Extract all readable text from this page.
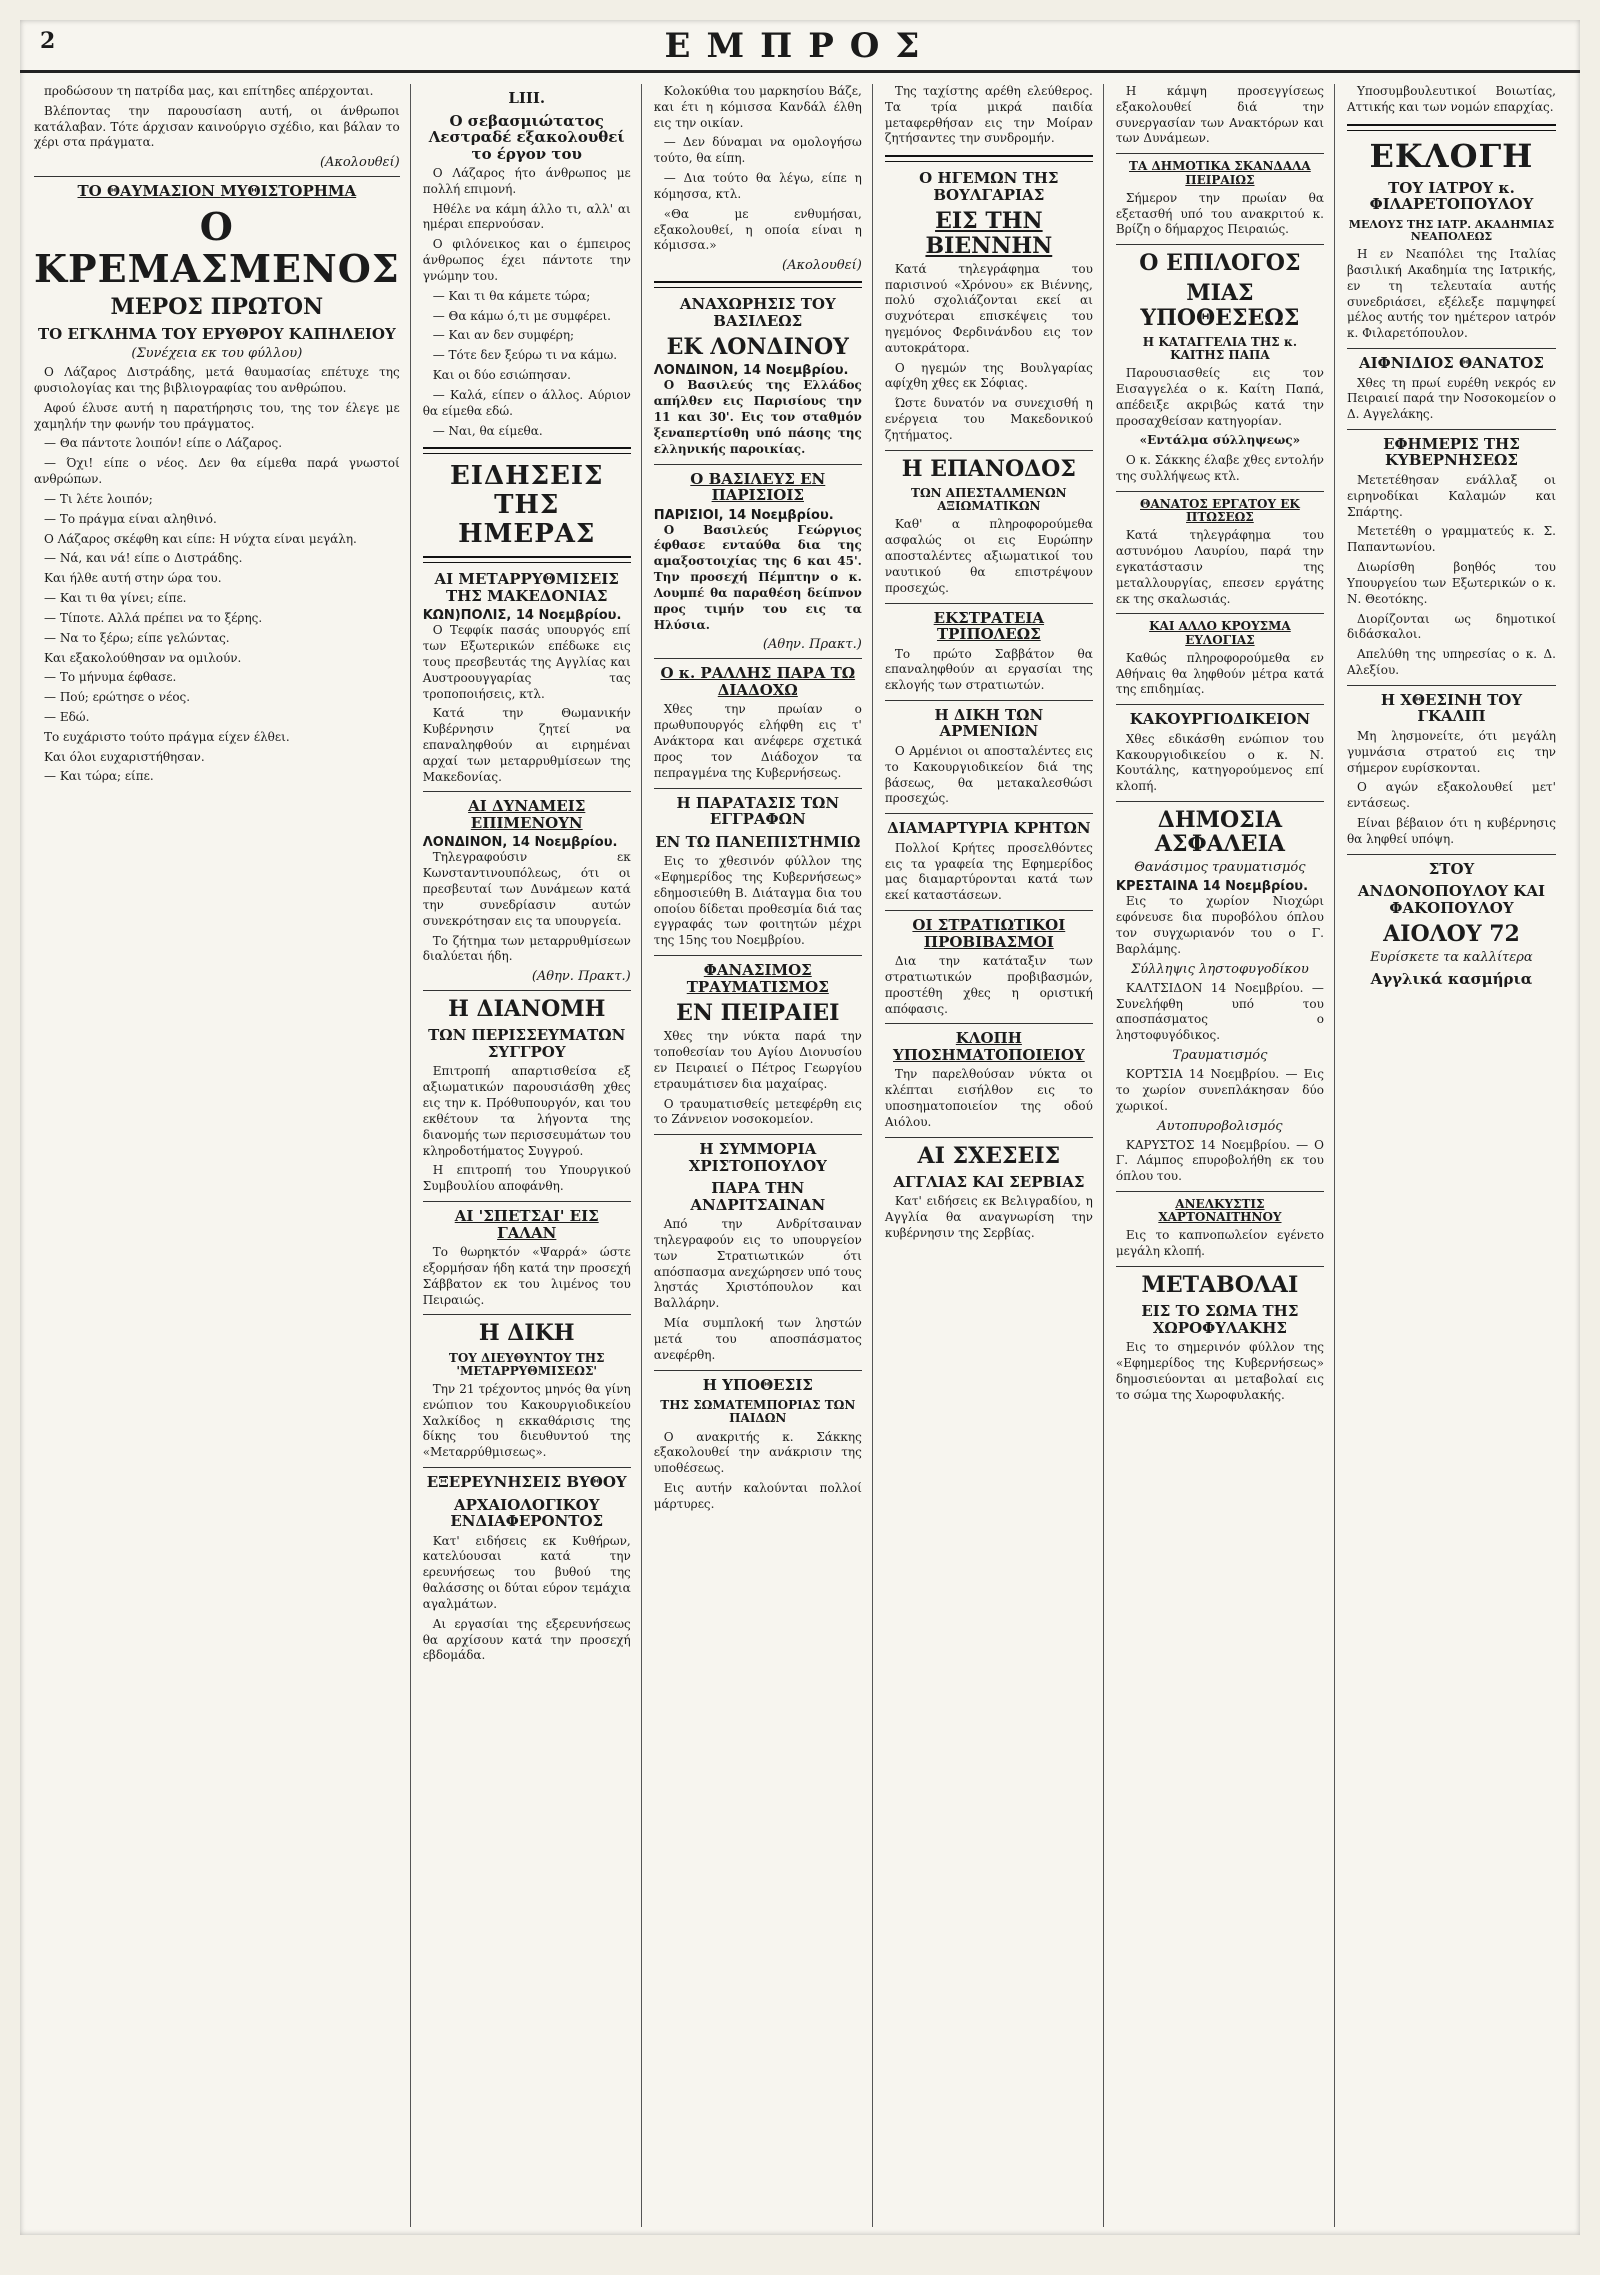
2	ΕΜΠΡΟΣ

προδώσουν τη πατρίδα μας, και επίτηδες απέρχονται.

Βλέποντας την παρουσίαση αυτή, οι άνθρωποι κατάλαβαν. Τότε άρχισαν καινούργιο σχέδιο, και βάλαν το χέρι στα πράγματα.

(Ακολουθεί)
ΤΟ ΘΑΥΜΑΣΙΟΝ ΜΥΘΙΣΤΟΡΗΜΑ
Ο ΚΡΕΜΑΣΜΕΝΟΣ
ΜΕΡΟΣ ΠΡΩΤΟΝ
ΤΟ ΕΓΚΛΗΜΑ ΤΟΥ ΕΡΥΘΡΟΥ ΚΑΠΗΛΕΙΟΥ
(Συνέχεια εκ του φύλλου)

Ο Λάζαρος Διστράδης, μετά θαυμασίας επέτυχε της φυσιολογίας και της βιβλιογραφίας του ανθρώπου.

Αφού έλυσε αυτή η παρατήρησις του, της τον έλεγε με χαμηλήν την φωνήν του πράγματος.

— Θα πάντοτε λοιπόν! είπε ο Λάζαρος.

— Όχι! είπε ο νέος. Δεν θα είμεθα παρά γνωστοί ανθρώπων.

— Τι λέτε λοιπόν;

— Το πράγμα είναι αληθινό.

Ο Λάζαρος σκέφθη και είπε: Η νύχτα είναι μεγάλη.

— Νά, και νά! είπε ο Διστράδης.

Και ήλθε αυτή στην ώρα του.

— Και τι θα γίνει; είπε.

— Τίποτε. Αλλά πρέπει να το ξέρης.

— Να το ξέρω; είπε γελώντας.

Και εξακολούθησαν να ομιλούν.

— Το μήνυμα έφθασε.

— Πού; ερώτησε ο νέος.

— Εδώ.

Το ευχάριστο τούτο πράγμα είχεν έλθει.

Και όλοι ευχαριστήθησαν.

— Και τώρα; είπε.

LIII.
Ο σεβασμιώτατος Λεστραδέ εξακολουθεί το έργον του

Ο Λάζαρος ήτο άνθρωπος με πολλή επιμονή.

Ηθέλε να κάμη άλλο τι, αλλ' αι ημέραι επερνούσαν.

Ο φιλόνεικος και ο έμπειρος άνθρωπος έχει πάντοτε την γνώμην του.

— Και τι θα κάμετε τώρα;

— Θα κάμω ό,τι με συμφέρει.

— Και αν δεν συμφέρη;

— Τότε δεν ξεύρω τι να κάμω.

Και οι δύο εσιώπησαν.

— Καλά, είπεν ο άλλος. Αύριον θα είμεθα εδώ.

— Ναι, θα είμεθα.

ΕΙΔΗΣΕΙΣ ΤΗΣ ΗΜΕΡΑΣ
ΑΙ ΜΕΤΑΡΡΥΘΜΙΣΕΙΣ ΤΗΣ ΜΑΚΕΔΟΝΙΑΣ
ΚΩΝ)ΠΟΛΙΣ, 14 Νοεμβρίου.

Ο Τεφφίκ πασάς υπουργός επί των Εξωτερικών επέδωκε εις τους πρεσβευτάς της Αγγλίας και Αυστροουγγαρίας τας τροποποιήσεις, κτλ.

Κατά την Θωμανικήν Κυβέρνησιν ζητεί να επαναληφθούν αι ειρημέναι αρχαί των μεταρρυθμίσεων της Μακεδονίας.

ΑΙ ΔΥΝΑΜΕΙΣ ΕΠΙΜΕΝΟΥΝ
ΛΟΝΔΙΝΟΝ, 14 Νοεμβρίου.

Τηλεγραφούσιν εκ Κωνσταντινουπόλεως, ότι οι πρεσβευταί των Δυνάμεων κατά την συνεδρίασιν αυτών συνεκρότησαν εις τα υπουργεία.

Το ζήτημα των μεταρρυθμίσεων διαλύεται ήδη.

(Αθην. Πρακτ.)
Η ΔΙΑΝΟΜΗ
ΤΩΝ ΠΕΡΙΣΣΕΥΜΑΤΩΝ ΣΥΓΓΡΟΥ

Επιτροπή απαρτισθείσα εξ αξιωματικών παρουσιάσθη χθες εις την κ. Πρόθυπουργόν, και του εκθέτουν τα λήγοντα της διανομής των περισσευμάτων του κληροδοτήματος Συγγρού.

Η επιτροπή του Υπουργικού Συμβουλίου αποφάνθη.

ΑΙ 'ΣΠΕΤΣΑΙ' ΕΙΣ ΓΑΛΑΝ

Το θωρηκτόν «Ψαρρά» ώστε εξορμήσαν ήδη κατά την προσεχή Σάββατον εκ του λιμένος του Πειραιώς.

Η ΔΙΚΗ
ΤΟΥ ΔΙΕΥΘΥΝΤΟΥ ΤΗΣ 'ΜΕΤΑΡΡΥΘΜΙΣΕΩΣ'

Την 21 τρέχοντος μηνός θα γίνη ενώπιον του Κακουργιοδικείου Χαλκίδος η εκκαθάρισις της δίκης του διευθυντού της «Μεταρρύθμισεως».

ΕΞΕΡΕΥΝΗΣΕΙΣ ΒΥΘΟΥ
ΑΡΧΑΙΟΛΟΓΙΚΟΥ ΕΝΔΙΑΦΕΡΟΝΤΟΣ

Κατ' ειδήσεις εκ Κυθήρων, κατελύουσαι κατά την ερευνήσεως του βυθού της θαλάσσης οι δύται εύρον τεμάχια αγαλμάτων.

Αι εργασίαι της εξερευνήσεως θα αρχίσουν κατά την προσεχή εβδομάδα.

Κολοκύθια του μαρκησίου Βάζε, και έτι η κόμισσα Κανδάλ έλθη εις την οικίαν.

— Δεν δύναμαι να ομολογήσω τούτο, θα είπη.

— Δια τούτο θα λέγω, είπε η κόμησσα, κτλ.

«Θα με ενθυμήσαι, εξακολουθεί, η οποία είναι η κόμισσα.»

(Ακολουθεί)
ΑΝΑΧΩΡΗΣΙΣ ΤΟΥ ΒΑΣΙΛΕΩΣ
ΕΚ ΛΟΝΔΙΝΟΥ
ΛΟΝΔΙΝΟΝ, 14 Νοεμβρίου.

Ο Βασιλεύς της Ελλάδος απήλθεν εις Παρισίους την 11 και 30'. Εις τον σταθμόν ξεναπερτίσθη υπό πάσης της ελληνικής παροικίας.

Ο ΒΑΣΙΛΕΥΣ ΕΝ ΠΑΡΙΣΙΟΙΣ
ΠΑΡΙΣΙΟΙ, 14 Νοεμβρίου.

Ο Βασιλεύς Γεώργιος έφθασε ενταύθα δια της αμαξοστοιχίας της 6 και 45'. Την προσεχή Πέμπτην ο κ. Λουμπέ θα παραθέση δείπνον προς τιμήν του εις τα Ηλύσια.

(Αθην. Πρακτ.)
Ο κ. ΡΑΛΛΗΣ ΠΑΡΑ ΤΩ ΔΙΑΔΟΧΩ

Χθες την πρωίαν ο πρωθυπουργός ελήφθη εις τ' Ανάκτορα και ανέφερε σχετικά προς τον Διάδοχον τα πεπραγμένα της Κυβερνήσεως.

Η ΠΑΡΑΤΑΣΙΣ ΤΩΝ ΕΓΓΡΑΦΩΝ
ΕΝ ΤΩ ΠΑΝΕΠΙΣΤΗΜΙΩ

Εις το χθεσινόν φύλλον της «Εφημερίδος της Κυβερνήσεως» εδημοσιεύθη Β. Διάταγμα δια του οποίου δίδεται προθεσμία διά τας εγγραφάς των φοιτητών μέχρι της 15ης του Νοεμβρίου.

ΦΑΝΑΣΙΜΟΣ ΤΡΑΥΜΑΤΙΣΜΟΣ
ΕΝ ΠΕΙΡΑΙΕΙ

Χθες την νύκτα παρά την τοποθεσίαν του Αγίου Διονυσίου εν Πειραιεί ο Πέτρος Γεωργίου ετραυμάτισεν δια μαχαίρας.

Ο τραυματισθείς μετεφέρθη εις το Ζάννειον νοσοκομείον.

Η ΣΥΜΜΟΡΙΑ ΧΡΙΣΤΟΠΟΥΛΟΥ
ΠΑΡΑ ΤΗΝ ΑΝΔΡΙΤΣΑΙΝΑΝ

Από την Ανδρίτσαιναν τηλεγραφούν εις το υπουργείον των Στρατιωτικών ότι απόσπασμα ανεχώρησεν υπό τους ληστάς Χριστόπουλον και Βαλλάρην.

Μία συμπλοκή των ληστών μετά του αποσπάσματος ανεφέρθη.

Η ΥΠΟΘΕΣΙΣ
ΤΗΣ ΣΩΜΑΤΕΜΠΟΡΙΑΣ ΤΩΝ ΠΑΙΔΩΝ

Ο ανακριτής κ. Σάκκης εξακολουθεί την ανάκρισιν της υποθέσεως.

Εις αυτήν καλούνται πολλοί μάρτυρες.

Της ταχίστης αρέθη ελεύθερος. Τα τρία μικρά παιδία μεταφερθήσαν εις την Μοίραν ζητήσαντες την συνδρομήν.

Ο ΗΓΕΜΩΝ ΤΗΣ ΒΟΥΛΓΑΡΙΑΣ
ΕΙΣ ΤΗΝ ΒΙΕΝΝΗΝ

Κατά τηλεγράφημα του παρισινού «Χρόνου» εκ Βιέννης, πολύ σχολιάζονται εκεί αι συχνότεραι επισκέψεις του ηγεμόνος Φερδινάνδου εις τον αυτοκράτορα.

Ο ηγεμών της Βουλγαρίας αφίχθη χθες εκ Σόφιας.

Ώστε δυνατόν να συνεχισθή η ενέργεια του Μακεδονικού ζητήματος.

Η ΕΠΑΝΟΔΟΣ
ΤΩΝ ΑΠΕΣΤΑΛΜΕΝΩΝ ΑΞΙΩΜΑΤΙΚΩΝ

Καθ' α πληροφορούμεθα ασφαλώς οι εις Ευρώπην αποσταλέντες αξιωματικοί του ναυτικού θα επιστρέψουν προσεχώς.

ΕΚΣΤΡΑΤΕΙΑ ΤΡΙΠΟΛΕΩΣ

Το πρώτο Σαββάτον θα επαναληφθούν αι εργασίαι της εκλογής των στρατιωτών.

Η ΔΙΚΗ ΤΩΝ ΑΡΜΕΝΙΩΝ

Ο Αρμένιοι οι αποσταλέντες εις το Κακουργιοδικείον διά της βάσεως, θα μετακαλεσθώσι προσεχώς.

ΔΙΑΜΑΡΤΥΡΙΑ ΚΡΗΤΩΝ

Πολλοί Κρήτες προσελθόντες εις τα γραφεία της Εφημερίδος μας διαμαρτύρονται κατά των εκεί καταστάσεων.

ΟΙ ΣΤΡΑΤΙΩΤΙΚΟΙ ΠΡΟΒΙΒΑΣΜΟΙ

Δια την κατάταξιν των στρατιωτικών προβιβασμών, προστέθη χθες η οριστική απόφασις.

ΚΛΟΠΗ ΥΠΟΣΗΜΑΤΟΠΟΙΕΙΟΥ

Την παρελθούσαν νύκτα οι κλέπται εισήλθον εις το υποσηματοποιείον της οδού Αιόλου.

ΑΙ ΣΧΕΣΕΙΣ
ΑΓΓΛΙΑΣ ΚΑΙ ΣΕΡΒΙΑΣ

Κατ' ειδήσεις εκ Βελιγραδίου, η Αγγλία θα αναγνωρίση την κυβέρνησιν της Σερβίας.

Η κάμψη προσεγγίσεως εξακολουθεί διά την συνεργασίαν των Ανακτόρων και των Δυνάμεων.

ΤΑ ΔΗΜΟΤΙΚΑ ΣΚΑΝΔΑΛΑ ΠΕΙΡΑΙΩΣ

Σήμερον την πρωίαν θα εξετασθή υπό του ανακριτού κ. Βρίζη ο δήμαρχος Πειραιώς.

Ο ΕΠΙΛΟΓΟΣ
ΜΙΑΣ ΥΠΟΘΕΣΕΩΣ
Η ΚΑΤΑΓΓΕΛΙΑ ΤΗΣ κ. ΚΑΙΤΗΣ ΠΑΠΑ

Παρουσιασθείς εις τον Εισαγγελέα ο κ. Καίτη Παπά, απέδειξε ακριβώς κατά την προσαχθείσαν κατηγορίαν.

«Εντάλμα σύλληψεως»

Ο κ. Σάκκης έλαβε χθες εντολήν της συλλήψεως κτλ.

ΘΑΝΑΤΟΣ ΕΡΓΑΤΟΥ ΕΚ ΠΤΩΣΕΩΣ

Κατά τηλεγράφημα του αστυνόμου Λαυρίου, παρά την εγκατάστασιν της μεταλλουργίας, επεσεν εργάτης εκ της σκαλωσιάς.

ΚΑΙ ΑΛΛΟ ΚΡΟΥΣΜΑ ΕΥΛΟΓΙΑΣ

Καθώς πληροφορούμεθα εν Αθήναις θα ληφθούν μέτρα κατά της επιδημίας.

ΚΑΚΟΥΡΓΙΟΔΙΚΕΙΟΝ

Χθες εδικάσθη ενώπιον του Κακουργιοδικείου ο κ. Ν. Κουτάλης, κατηγορούμενος επί κλοπή.

ΔΗΜΟΣΙΑ ΑΣΦΑΛΕΙΑ
Θανάσιμος τραυματισμός
ΚΡΕΣΤΑΙΝΑ 14 Νοεμβρίου.

Εις το χωρίον Νιοχώρι εφόνευσε δια πυροβόλου όπλου τον συγχωριανόν του ο Γ. Βαρλάμης.

Σύλληψις ληστοφυγοδίκου

ΚΑΛΤΣΙΔΟΝ 14 Νοεμβρίου. — Συνελήφθη υπό του αποσπάσματος ο ληστοφυγόδικος.

Τραυματισμός

ΚΟΡΤΣΙΑ 14 Νοεμβρίου. — Εις το χωρίον συνεπλάκησαν δύο χωρικοί.

Αυτοπυροβολισμός

ΚΑΡΥΣΤΟΣ 14 Νοεμβρίου. — Ο Γ. Λάμπος επυροβολήθη εκ του όπλου του.

ΑΝΕΛΚΥΣΤΙΣ ΧΑΡΤΟΝΑΙΤΗΝΟΥ

Εις το καπνοπωλείον εγένετο μεγάλη κλοπή.

ΜΕΤΑΒΟΛΑΙ
ΕΙΣ ΤΟ ΣΩΜΑ ΤΗΣ ΧΩΡΟΦΥΛΑΚΗΣ

Εις το σημερινόν φύλλον της «Εφημερίδος της Κυβερνήσεως» δημοσιεύονται αι μεταβολαί εις το σώμα της Χωροφυλακής.

Υποσυμβουλευτικοί Βοιωτίας, Αττικής και των νομών επαρχίας.

ΕΚΛΟΓΗ
ΤΟΥ ΙΑΤΡΟΥ κ. ΦΙΛΑΡΕΤΟΠΟΥΛΟΥ
ΜΕΛΟΥΣ ΤΗΣ ΙΑΤΡ. ΑΚΑΔΗΜΙΑΣ ΝΕΑΠΟΛΕΩΣ

Η εν Νεαπόλει της Ιταλίας βασιλική Ακαδημία της Ιατρικής, εν τη τελευταία αυτής συνεδριάσει, εξέλεξε παμψηφεί μέλος αυτής τον ημέτερον ιατρόν κ. Φιλαρετόπουλον.

ΑΙΦΝΙΔΙΟΣ ΘΑΝΑΤΟΣ

Χθες τη πρωί ευρέθη νεκρός εν Πειραιεί παρά την Νοσοκομείον ο Δ. Αγγελάκης.

ΕΦΗΜΕΡΙΣ ΤΗΣ ΚΥΒΕΡΝΗΣΕΩΣ

Μετετέθησαν ενάλλαξ οι ειρηνοδίκαι Καλαμών και Σπάρτης.

Μετετέθη ο γραμματεύς κ. Σ. Παπαντωνίου.

Διωρίσθη βοηθός του Υπουργείου των Εξωτερικών ο κ. Ν. Θεοτόκης.

Διορίζονται ως δημοτικοί διδάσκαλοι.

Απελύθη της υπηρεσίας ο κ. Δ. Αλεξίου.

Η ΧΘΕΣΙΝΗ ΤΟΥ ΓΚΑΛΙΠ

Μη λησμονείτε, ότι μεγάλη γυμνάσια στρατού εις την σήμερον ευρίσκονται.

Ο αγών εξακολουθεί μετ' εντάσεως.

Είναι βέβαιον ότι η κυβέρνησις θα ληφθεί υπόψη.

ΣΤΟΥ
ΑΝΔΟΝΟΠΟΥΛΟΥ ΚΑΙ ΦΑΚΟΠΟΥΛΟΥ
ΑΙΟΛΟΥ 72
Ευρίσκετε τα καλλίτερα
Αγγλικά κασμήρια
